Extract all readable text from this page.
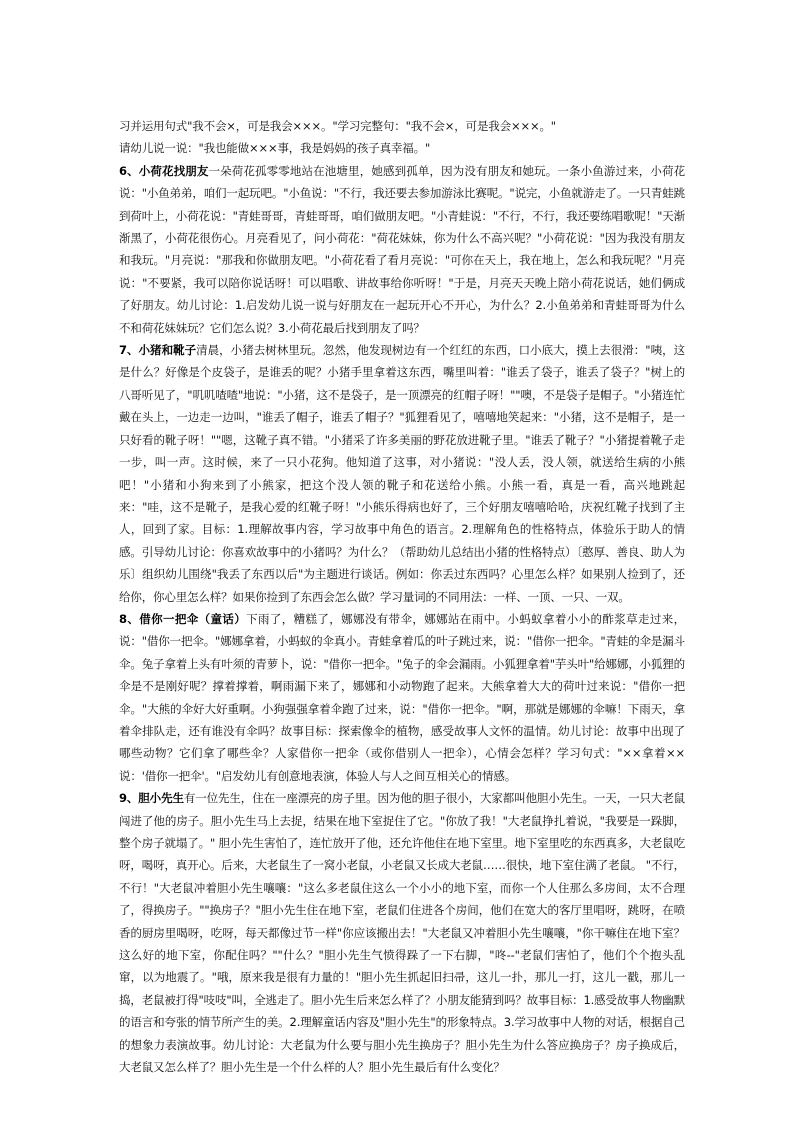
习并运用句式"我不会×，可是我会×××。"学习完整句："我不会×，可是我会×××。"

请幼儿说一说："我也能做×××事，我是妈妈的孩子真幸福。"

6、小荷花找朋友一朵荷花孤零零地站在池塘里，她感到孤单，因为没有朋友和她玩。一条小鱼游过来，小荷花说："小鱼弟弟，咱们一起玩吧。"小鱼说："不行，我还要去参加游泳比赛呢。"说完，小鱼就游走了。一只青蛙跳到荷叶上，小荷花说："青蛙哥哥，青蛙哥哥，咱们做朋友吧。"小青蛙说："不行，不行，我还要练唱歌呢！"天渐渐黑了，小荷花很伤心。月亮看见了，问小荷花："荷花妹妹，你为什么不高兴呢？"小荷花说："因为我没有朋友和我玩。"月亮说："那我和你做朋友吧。"小荷花看了看月亮说："可你在天上，我在地上，怎么和我玩呢？"月亮说："不要紧，我可以陪你说话呀！可以唱歌、讲故事给你听呀！"于是，月亮天天晚上陪小荷花说话，她们俩成了好朋友。幼儿讨论：1.启发幼儿说一说与好朋友在一起玩开心不开心，为什么？2.小鱼弟弟和青蛙哥哥为什么不和荷花妹妹玩？它们怎么说？3.小荷花最后找到朋友了吗？

7、小猪和靴子清晨，小猪去树林里玩。忽然，他发现树边有一个红红的东西，口小底大，摸上去很滑："咦，这是什么？好像是个皮袋子，是谁丢的呢？小猪手里拿着这东西，嘴里叫着："谁丢了袋子，谁丢了袋子？"树上的八哥听见了，"叽叽喳喳"地说："小猪，这不是袋子，是一顶漂亮的红帽子呀！""噢，不是袋子是帽子。"小猪连忙戴在头上，一边走一边叫，"谁丢了帽子，谁丢了帽子？"狐狸看见了，嘻嘻地笑起来："小猪，这不是帽子，是一只好看的靴子呀！""嗯，这靴子真不错。"小猪采了许多美丽的野花放进靴子里。"谁丢了靴子？"小猪提着靴子走一步，叫一声。这时候，来了一只小花狗。他知道了这事，对小猪说："没人丢，没人领，就送给生病的小熊吧！"小猪和小狗来到了小熊家，把这个没人领的靴子和花送给小熊。小熊一看，真是一看，高兴地跳起来："哇，这不是靴子，是我心爱的红靴子呀！"小熊乐得病也好了，三个好朋友嘻嘻哈哈，庆祝红靴子找到了主人，回到了家。目标：1.理解故事内容，学习故事中角色的语言。2.理解角色的性格特点，体验乐于助人的情感。引导幼儿讨论：你喜欢故事中的小猪吗？为什么？（帮助幼儿总结出小猪的性格特点）〔憨厚、善良、助人为乐〕组织幼儿围绕"我丢了东西以后"为主题进行谈话。例如：你丢过东西吗？心里怎么样？如果别人捡到了，还给你，你心里怎么样？如果你捡到了东西会怎么做？学习量词的不同用法：一样、一顶、一只、一双。

8、借你一把伞（童话）下雨了，糟糕了，娜娜没有带伞，娜娜站在雨中。小蚂蚁拿着小小的酢浆草走过来，说："借你一把伞。"娜娜拿着，小蚂蚁的伞真小。青蛙拿着瓜的叶子跳过来，说："借你一把伞。"青蛙的伞是漏斗伞。兔子拿着上头有叶须的青萝卜，说："借你一把伞。"兔子的伞会漏雨。小狐狸拿着"芋头叶"给娜娜，小狐狸的伞是不是刚好呢？撑着撑着，啊雨漏下来了，娜娜和小动物跑了起来。大熊拿着大大的荷叶过来说："借你一把伞。"大熊的伞好大好重啊。小狗强强拿着伞跑了过来，说："借你一把伞。"啊，那就是娜娜的伞嘛！下雨天，拿着伞排队走，还有谁没有伞吗？故事目标：探索像伞的植物，感受故事人文怀的温情。幼儿讨论：故事中出现了哪些动物？它们拿了哪些伞？人家借你一把伞（或你借别人一把伞），心情会怎样？学习句式："××拿着××说：'借你一把伞'。"启发幼儿有创意地表演，体验人与人之间互相关心的情感。

9、胆小先生有一位先生，住在一座漂亮的房子里。因为他的胆子很小，大家都叫他胆小先生。一天，一只大老鼠闯进了他的房子。胆小先生马上去捉，结果在地下室捉住了它。"你放了我！"大老鼠挣扎着说，"我要是一跺脚，整个房子就塌了。" 胆小先生害怕了，连忙放开了他，还允许他住在地下室里。地下室里吃的东西真多，大老鼠吃呀，喝呀，真开心。后来，大老鼠生了一窝小老鼠，小老鼠又长成大老鼠……很快，地下室住满了老鼠。 "不行，不行！"大老鼠冲着胆小先生嚷嚷："这么多老鼠住这么一个小小的地下室，而你一个人住那么多房间，太不合理了，得换房子。""换房子？"胆小先生住在地下室，老鼠们住进各个房间，他们在宽大的客厅里唱呀，跳呀，在喷香的厨房里喝呀，吃呀，每天都像过节一样"你应该搬出去！"大老鼠又冲着胆小先生嚷嚷，"你干嘛住在地下室？这么好的地下室，你配住吗？""什么？"胆小先生气愤得跺了一下右脚，"咚--"老鼠们害怕了，他们个个抱头乱窜，以为地震了。"哦，原来我是很有力量的！"胆小先生抓起旧扫帚，这儿一扑，那儿一打，这儿一戳，那儿一捣，老鼠被打得"吱吱"叫，全逃走了。胆小先生后来怎么样了？小朋友能猜到吗？故事目标：1.感受故事人物幽默的语言和夸张的情节所产生的美。2.理解童话内容及"胆小先生"的形象特点。3.学习故事中人物的对话，根据自己的想象力表演故事。幼儿讨论：大老鼠为什么要与胆小先生换房子？胆小先生为什么答应换房子？房子换成后，大老鼠又怎么样了？胆小先生是一个什么样的人？胆小先生最后有什么变化？
